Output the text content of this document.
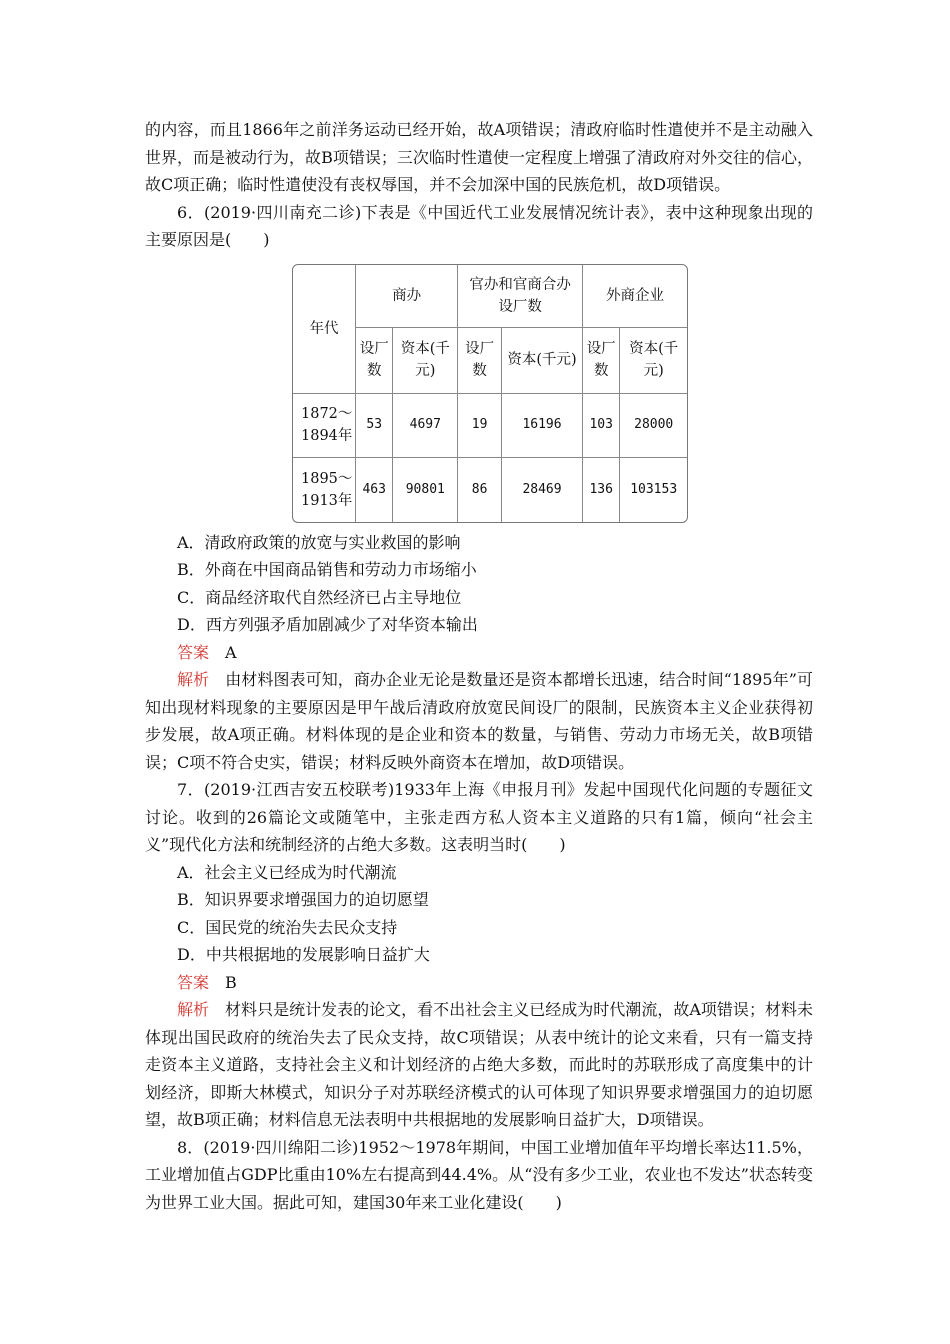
的内容，而且1866年之前洋务运动已经开始，故A项错误；清政府临时性遣使并不是主动融入世界，而是被动行为，故B项错误；三次临时性遣使一定程度上增强了清政府对外交往的信心，故C项正确；临时性遣使没有丧权辱国，并不会加深中国的民族危机，故D项错误。

6．(2019·四川南充二诊)下表是《中国近代工业发展情况统计表》，表中这种现象出现的主要原因是(　　)

年代	商办		官办和官商合办设厂数		外商企业	
	设厂数	资本(千元)	设厂数	资本(千元)	设厂数	资本(千元)
1872～1894年	53	4697	19	16196	103	28000
1895～1913年	463	90801	86	28469	136	103153

A．清政府政策的放宽与实业救国的影响

B．外商在中国商品销售和劳动力市场缩小

C．商品经济取代自然经济已占主导地位

D．西方列强矛盾加剧减少了对华资本输出

答案　 A

解析　 由材料图表可知，商办企业无论是数量还是资本都增长迅速，结合时间“1895年”可知出现材料现象的主要原因是甲午战后清政府放宽民间设厂的限制，民族资本主义企业获得初步发展，故A项正确。材料体现的是企业和资本的数量，与销售、劳动力市场无关，故B项错误；C项不符合史实，错误；材料反映外商资本在增加，故D项错误。

7．(2019·江西吉安五校联考)1933年上海《申报月刊》发起中国现代化问题的专题征文讨论。收到的26篇论文或随笔中，主张走西方私人资本主义道路的只有1篇，倾向“社会主义”现代化方法和统制经济的占绝大多数。这表明当时(　　)

A．社会主义已经成为时代潮流

B．知识界要求增强国力的迫切愿望

C．国民党的统治失去民众支持

D．中共根据地的发展影响日益扩大

答案　 B

解析　 材料只是统计发表的论文，看不出社会主义已经成为时代潮流，故A项错误；材料未体现出国民政府的统治失去了民众支持，故C项错误；从表中统计的论文来看，只有一篇支持走资本主义道路，支持社会主义和计划经济的占绝大多数，而此时的苏联形成了高度集中的计划经济，即斯大林模式，知识分子对苏联经济模式的认可体现了知识界要求增强国力的迫切愿望，故B项正确；材料信息无法表明中共根据地的发展影响日益扩大，D项错误。

8．(2019·四川绵阳二诊)1952～1978年期间，中国工业增加值年平均增长率达11.5%，工业增加值占GDP比重由10%左右提高到44.4%。从“没有多少工业，农业也不发达”状态转变为世界工业大国。据此可知，建国30年来工业化建设(　　)
